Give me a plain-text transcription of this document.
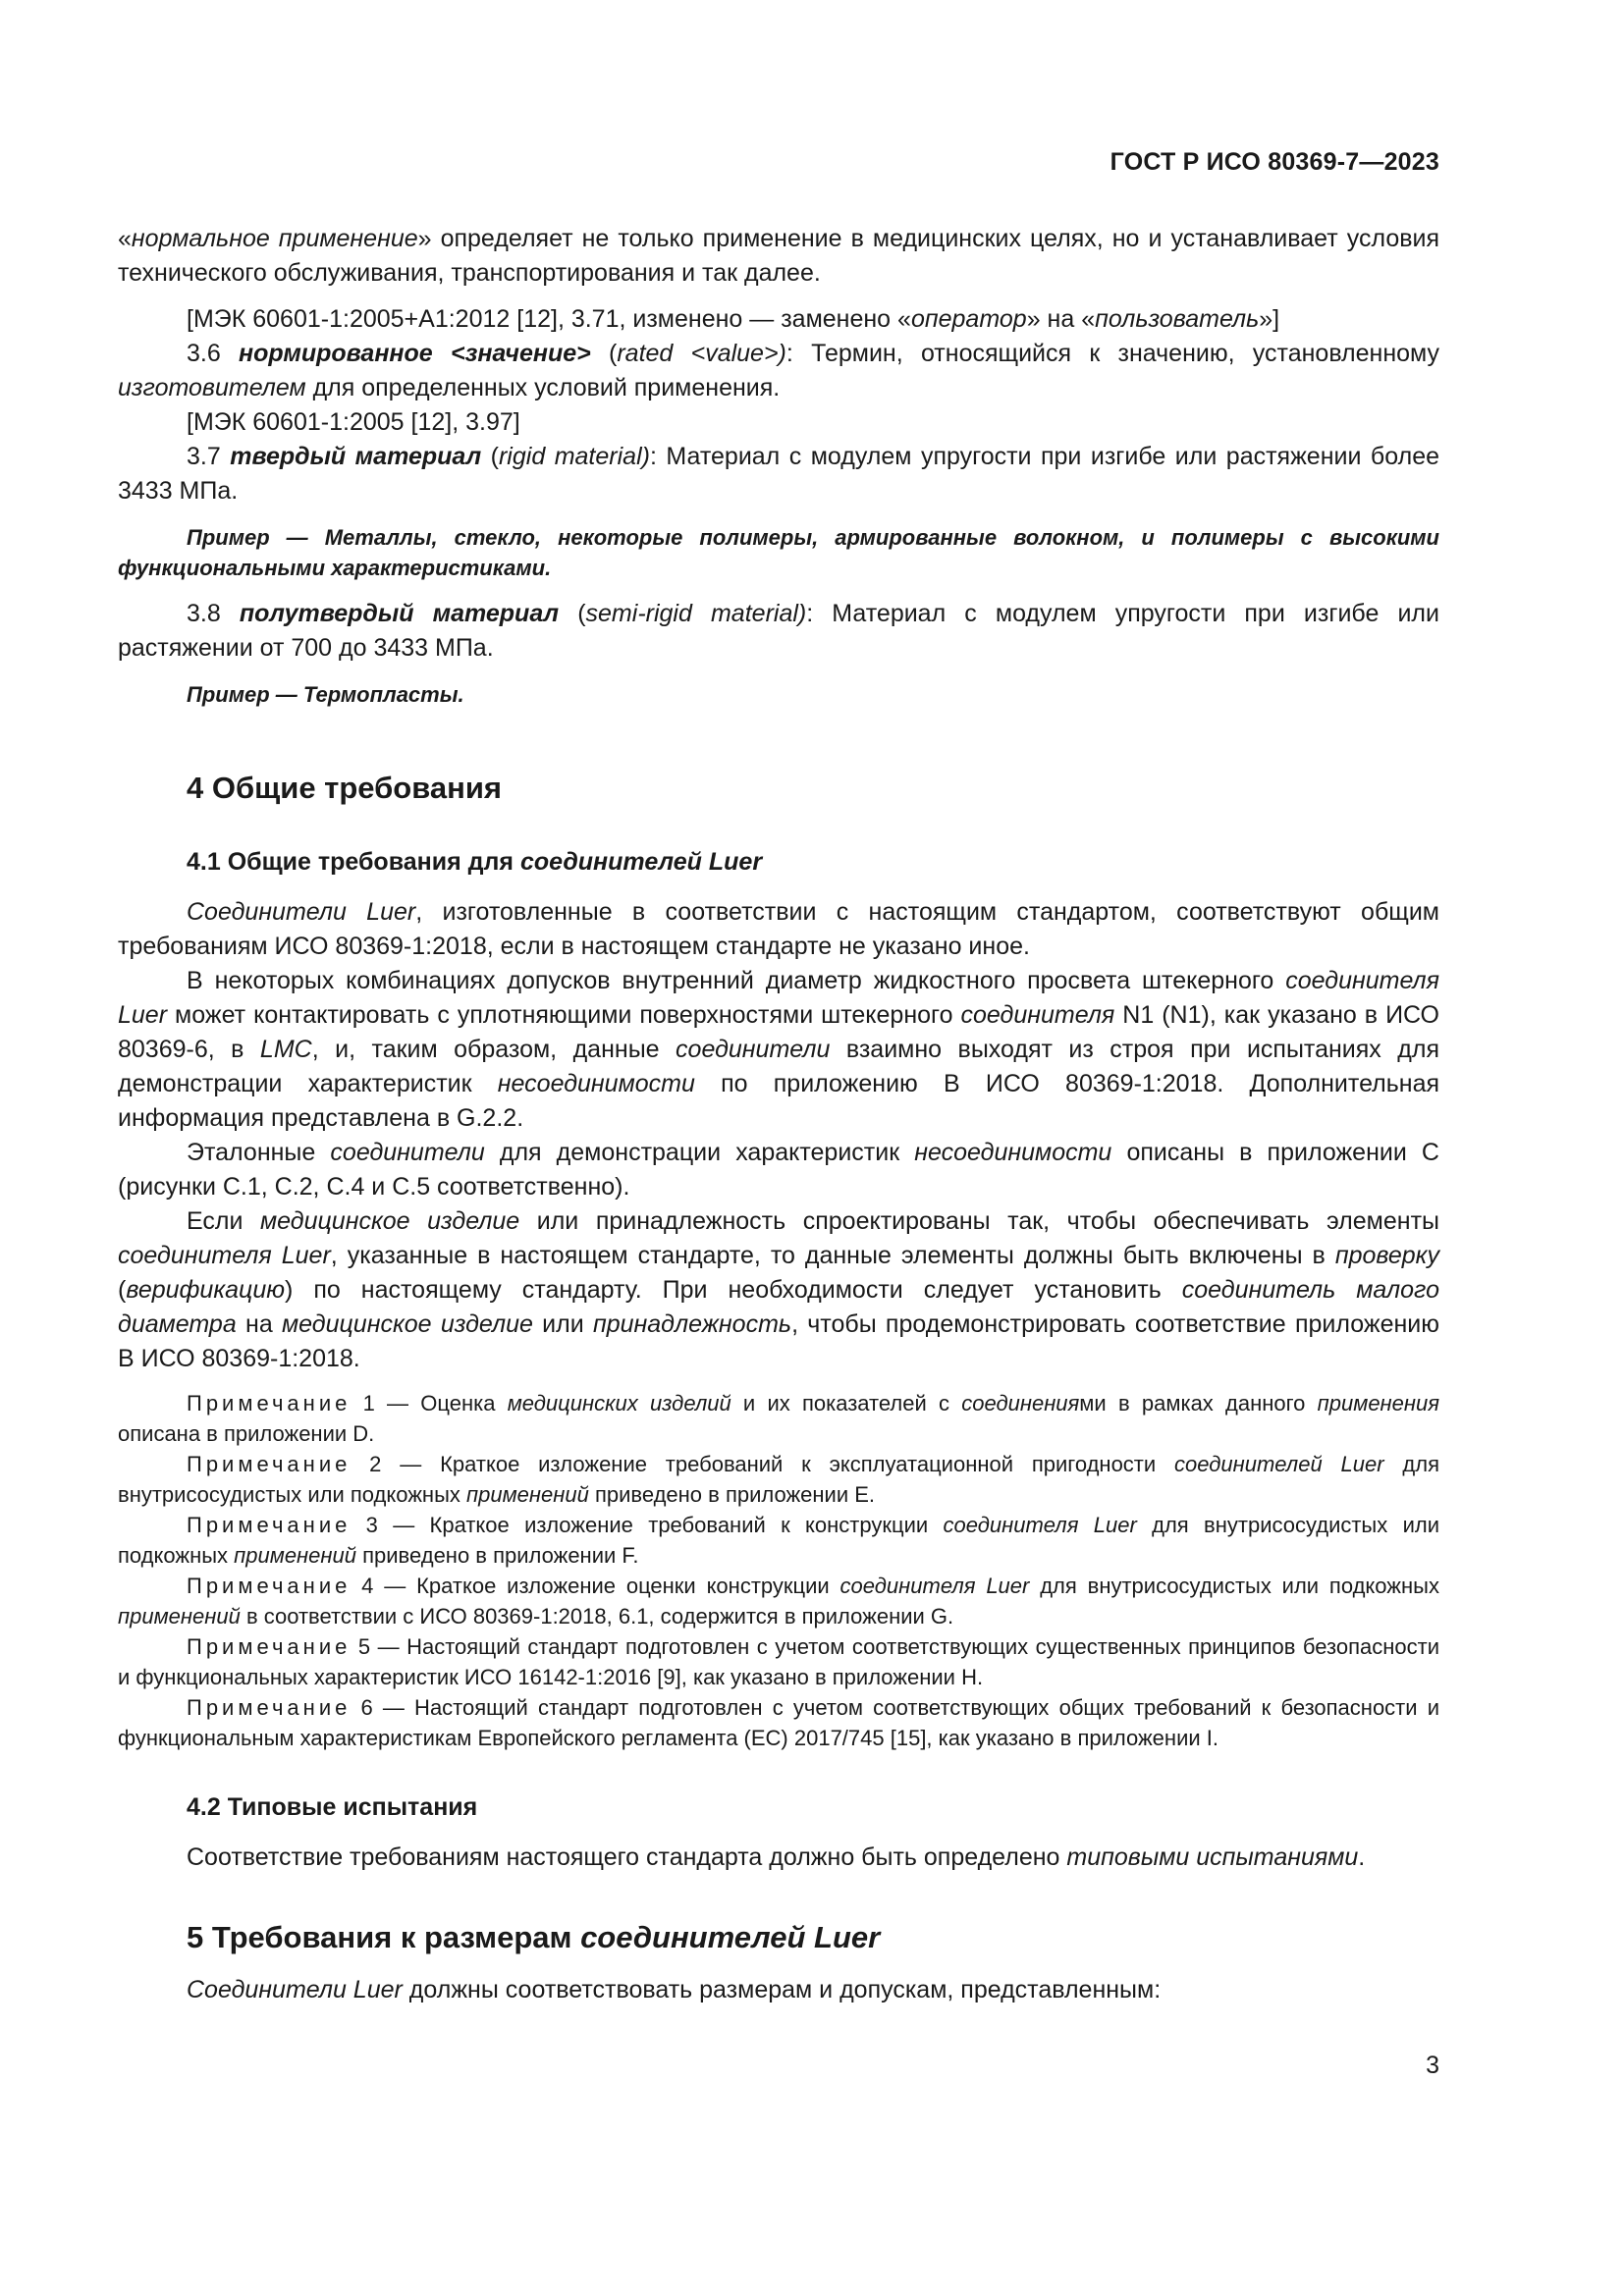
ГОСТ Р ИСО 80369-7—2023

«нормальное применение» определяет не только применение в медицинских целях, но и устанавливает условия технического обслуживания, транспортирования и так далее.

[МЭК 60601-1:2005+А1:2012 [12], 3.71, изменено — заменено «оператор» на «пользователь»]

3.6 нормированное <значение> (rated <value>): Термин, относящийся к значению, установленному изготовителем для определенных условий применения.

[МЭК 60601-1:2005 [12], 3.97]

3.7 твердый материал (rigid material): Материал с модулем упругости при изгибе или растяжении более 3433 МПа.

Пример — Металлы, стекло, некоторые полимеры, армированные волокном, и полимеры с высокими функциональными характеристиками.

3.8 полутвердый материал (semi-rigid material): Материал с модулем упругости при изгибе или растяжении от 700 до 3433 МПа.

Пример — Термопласты.

4 Общие требования

4.1 Общие требования для соединителей Luer

Соединители Luer, изготовленные в соответствии с настоящим стандартом, соответствуют общим требованиям ИСО 80369-1:2018, если в настоящем стандарте не указано иное.

В некоторых комбинациях допусков внутренний диаметр жидкостного просвета штекерного соединителя Luer может контактировать с уплотняющими поверхностями штекерного соединителя N1 (N1), как указано в ИСО 80369-6, в LMC, и, таким образом, данные соединители взаимно выходят из строя при испытаниях для демонстрации характеристик несоединимости по приложению В ИСО 80369-1:2018. Дополнительная информация представлена в G.2.2.

Эталонные соединители для демонстрации характеристик несоединимости описаны в приложении С (рисунки С.1, С.2, С.4 и С.5 соответственно).

Если медицинское изделие или принадлежность спроектированы так, чтобы обеспечивать элементы соединителя Luer, указанные в настоящем стандарте, то данные элементы должны быть включены в проверку (верификацию) по настоящему стандарту. При необходимости следует установить соединитель малого диаметра на медицинское изделие или принадлежность, чтобы продемонстрировать соответствие приложению В ИСО 80369-1:2018.

Примечание 1 — Оценка медицинских изделий и их показателей с соединениями в рамках данного применения описана в приложении D.

Примечание 2 — Краткое изложение требований к эксплуатационной пригодности соединителей Luer для внутрисосудистых или подкожных применений приведено в приложении Е.

Примечание 3 — Краткое изложение требований к конструкции соединителя Luer для внутрисосудистых или подкожных применений приведено в приложении F.

Примечание 4 — Краткое изложение оценки конструкции соединителя Luer для внутрисосудистых или подкожных применений в соответствии с ИСО 80369-1:2018, 6.1, содержится в приложении G.

Примечание 5 — Настоящий стандарт подготовлен с учетом соответствующих существенных принципов безопасности и функциональных характеристик ИСО 16142-1:2016 [9], как указано в приложении Н.

Примечание 6 — Настоящий стандарт подготовлен с учетом соответствующих общих требований к безопасности и функциональным характеристикам Европейского регламента (ЕС) 2017/745 [15], как указано в приложении I.

4.2 Типовые испытания

Соответствие требованиям настоящего стандарта должно быть определено типовыми испытаниями.

5 Требования к размерам соединителей Luer

Соединители Luer должны соответствовать размерам и допускам, представленным:

3
